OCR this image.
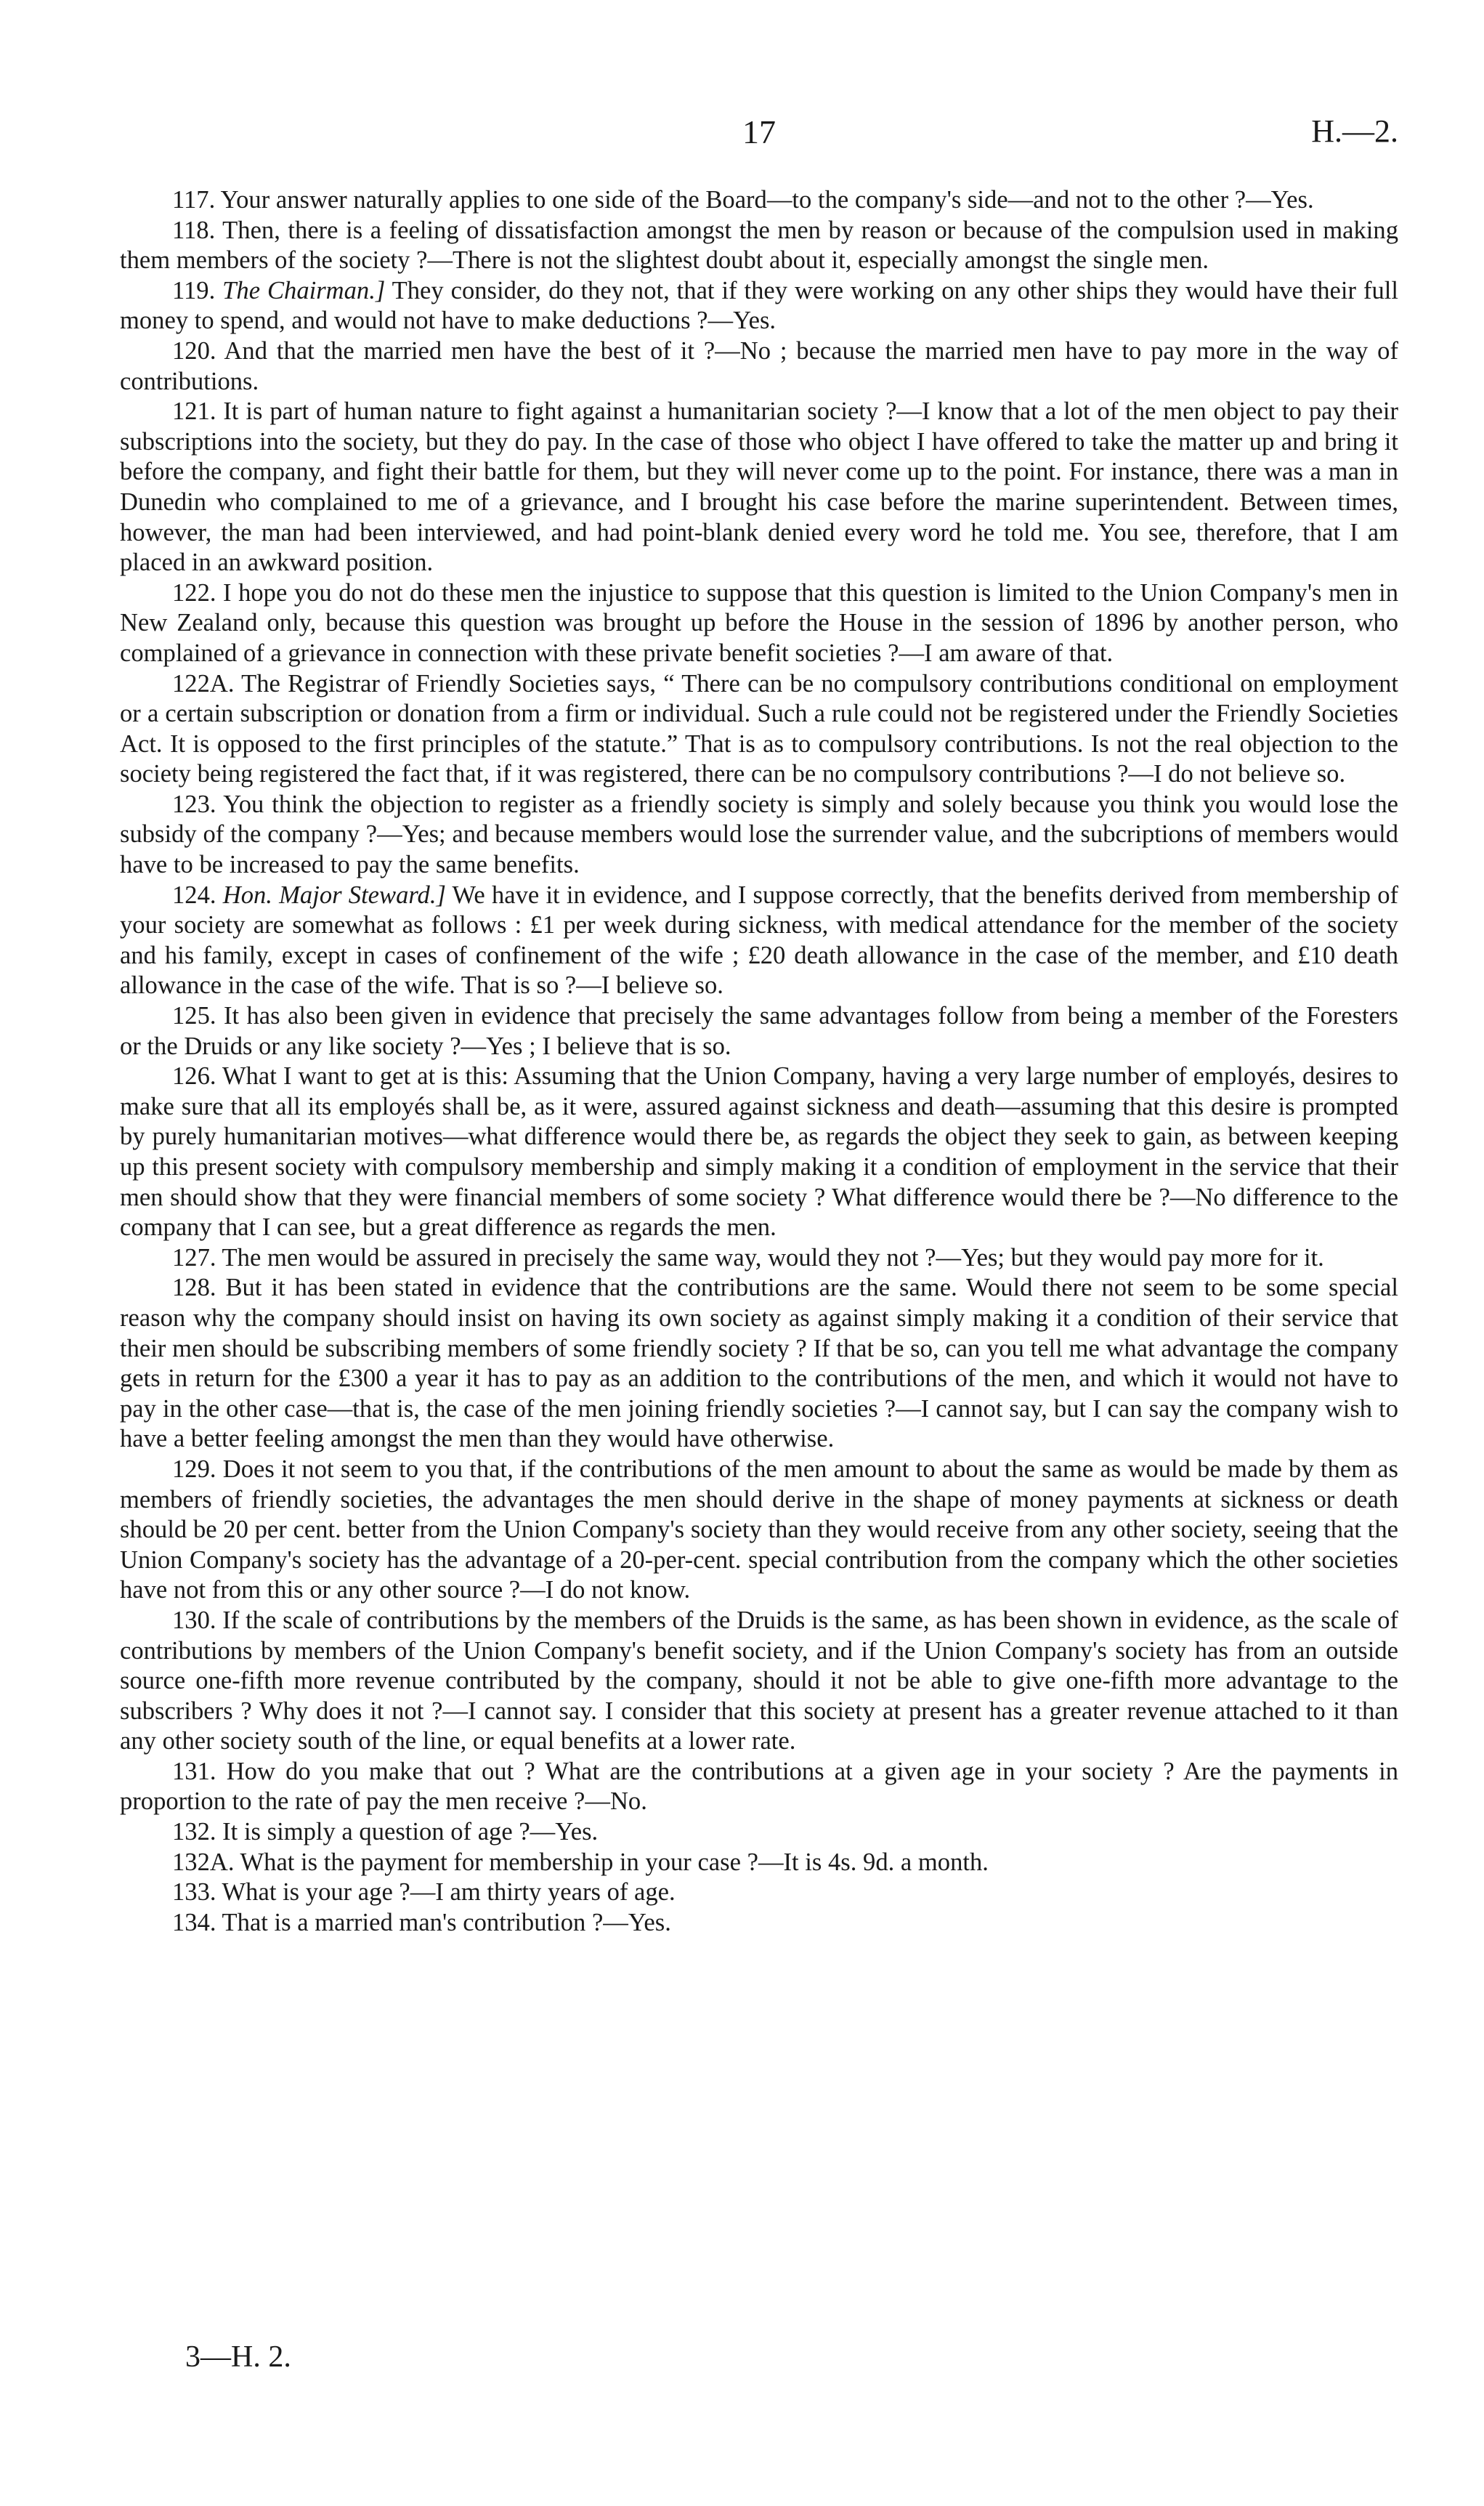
17	H.—2.

117. Your answer naturally applies to one side of the Board—to the company's side—and not to the other ?—Yes.

118. Then, there is a feeling of dissatisfaction amongst the men by reason or because of the compulsion used in making them members of the society ?—There is not the slightest doubt about it, especially amongst the single men.

119. The Chairman.] They consider, do they not, that if they were working on any other ships they would have their full money to spend, and would not have to make deductions ?—Yes.

120. And that the married men have the best of it ?—No ; because the married men have to pay more in the way of contributions.

121. It is part of human nature to fight against a humanitarian society ?—I know that a lot of the men object to pay their subscriptions into the society, but they do pay. In the case of those who object I have offered to take the matter up and bring it before the company, and fight their battle for them, but they will never come up to the point. For instance, there was a man in Dunedin who complained to me of a grievance, and I brought his case before the marine superintendent. Between times, however, the man had been interviewed, and had point-blank denied every word he told me. You see, therefore, that I am placed in an awkward position.

122. I hope you do not do these men the injustice to suppose that this question is limited to the Union Company's men in New Zealand only, because this question was brought up before the House in the session of 1896 by another person, who complained of a grievance in connection with these private benefit societies ?—I am aware of that.

122A. The Registrar of Friendly Societies says, “ There can be no compulsory contributions conditional on employment or a certain subscription or donation from a firm or individual. Such a rule could not be registered under the Friendly Societies Act. It is opposed to the first principles of the statute.” That is as to compulsory contributions. Is not the real objection to the society being registered the fact that, if it was registered, there can be no compulsory contributions ?—I do not believe so.

123. You think the objection to register as a friendly society is simply and solely because you think you would lose the subsidy of the company ?—Yes; and because members would lose the surrender value, and the subcriptions of members would have to be increased to pay the same benefits.

124. Hon. Major Steward.] We have it in evidence, and I suppose correctly, that the benefits derived from membership of your society are somewhat as follows : £1 per week during sickness, with medical attendance for the member of the society and his family, except in cases of confinement of the wife ; £20 death allowance in the case of the member, and £10 death allowance in the case of the wife. That is so ?—I believe so.

125. It has also been given in evidence that precisely the same advantages follow from being a member of the Foresters or the Druids or any like society ?—Yes ; I believe that is so.

126. What I want to get at is this: Assuming that the Union Company, having a very large number of employés, desires to make sure that all its employés shall be, as it were, assured against sickness and death—assuming that this desire is prompted by purely humanitarian motives—what difference would there be, as regards the object they seek to gain, as between keeping up this present society with compulsory membership and simply making it a condition of employment in the service that their men should show that they were financial members of some society ? What difference would there be ?—No difference to the company that I can see, but a great difference as regards the men.

127. The men would be assured in precisely the same way, would they not ?—Yes; but they would pay more for it.

128. But it has been stated in evidence that the contributions are the same. Would there not seem to be some special reason why the company should insist on having its own society as against simply making it a condition of their service that their men should be subscribing members of some friendly society ? If that be so, can you tell me what advantage the company gets in return for the £300 a year it has to pay as an addition to the contributions of the men, and which it would not have to pay in the other case—that is, the case of the men joining friendly societies ?—I cannot say, but I can say the company wish to have a better feeling amongst the men than they would have otherwise.

129. Does it not seem to you that, if the contributions of the men amount to about the same as would be made by them as members of friendly societies, the advantages the men should derive in the shape of money payments at sickness or death should be 20 per cent. better from the Union Company's society than they would receive from any other society, seeing that the Union Company's society has the advantage of a 20-per-cent. special contribution from the company which the other societies have not from this or any other source ?—I do not know.

130. If the scale of contributions by the members of the Druids is the same, as has been shown in evidence, as the scale of contributions by members of the Union Company's benefit society, and if the Union Company's society has from an outside source one-fifth more revenue contributed by the company, should it not be able to give one-fifth more advantage to the subscribers ? Why does it not ?—I cannot say. I consider that this society at present has a greater revenue attached to it than any other society south of the line, or equal benefits at a lower rate.

131. How do you make that out ? What are the contributions at a given age in your society ? Are the payments in proportion to the rate of pay the men receive ?—No.

132. It is simply a question of age ?—Yes.

132A. What is the payment for membership in your case ?—It is 4s. 9d. a month.

133. What is your age ?—I am thirty years of age.

134. That is a married man's contribution ?—Yes.

3—H. 2.
